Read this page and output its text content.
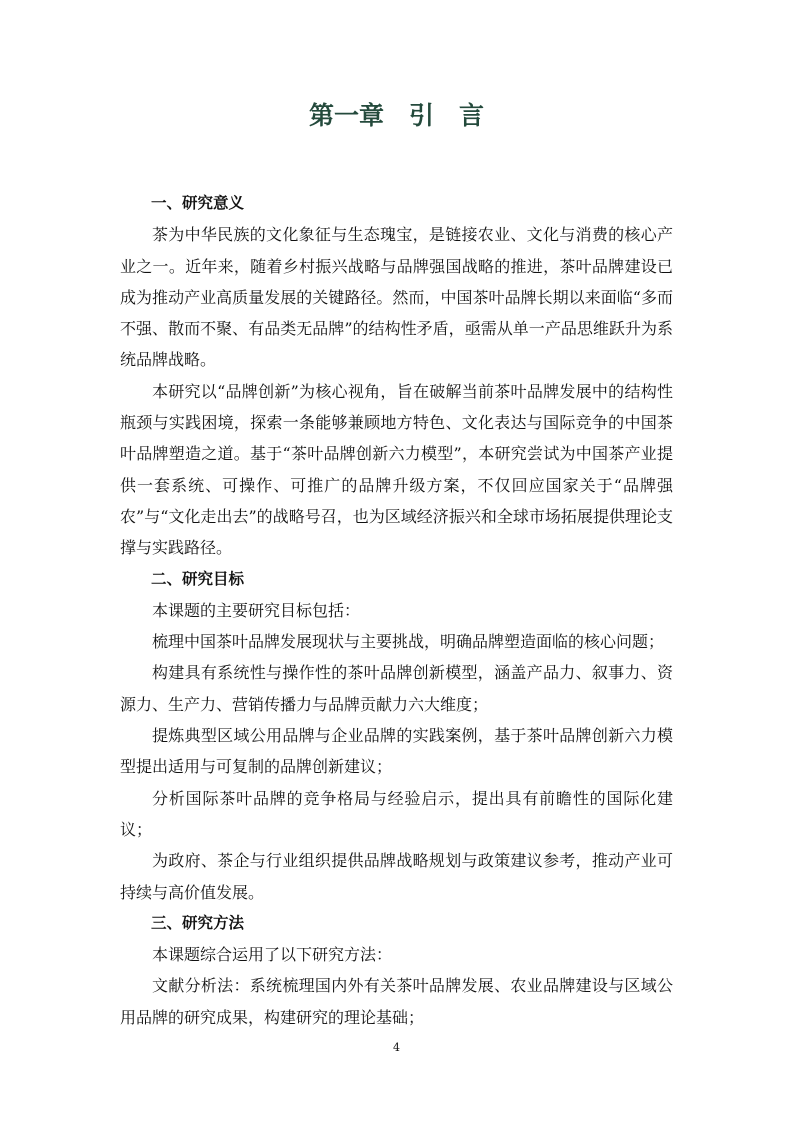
第一章　引　言
一、研究意义

茶为中华民族的文化象征与生态瑰宝，是链接农业、文化与消费的核心产业之一。近年来，随着乡村振兴战略与品牌强国战略的推进，茶叶品牌建设已成为推动产业高质量发展的关键路径。然而，中国茶叶品牌长期以来面临“多而不强、散而不聚、有品类无品牌”的结构性矛盾，亟需从单一产品思维跃升为系统品牌战略。

本研究以“品牌创新”为核心视角，旨在破解当前茶叶品牌发展中的结构性瓶颈与实践困境，探索一条能够兼顾地方特色、文化表达与国际竞争的中国茶叶品牌塑造之道。基于“茶叶品牌创新六力模型”，本研究尝试为中国茶产业提供一套系统、可操作、可推广的品牌升级方案，不仅回应国家关于“品牌强农”与“文化走出去”的战略号召，也为区域经济振兴和全球市场拓展提供理论支撑与实践路径。

二、研究目标

本课题的主要研究目标包括：

梳理中国茶叶品牌发展现状与主要挑战，明确品牌塑造面临的核心问题；

构建具有系统性与操作性的茶叶品牌创新模型，涵盖产品力、叙事力、资源力、生产力、营销传播力与品牌贡献力六大维度；

提炼典型区域公用品牌与企业品牌的实践案例，基于茶叶品牌创新六力模型提出适用与可复制的品牌创新建议；

分析国际茶叶品牌的竞争格局与经验启示，提出具有前瞻性的国际化建议；

为政府、茶企与行业组织提供品牌战略规划与政策建议参考，推动产业可持续与高价值发展。

三、研究方法

本课题综合运用了以下研究方法：

文献分析法：系统梳理国内外有关茶叶品牌发展、农业品牌建设与区域公用品牌的研究成果，构建研究的理论基础；

4
